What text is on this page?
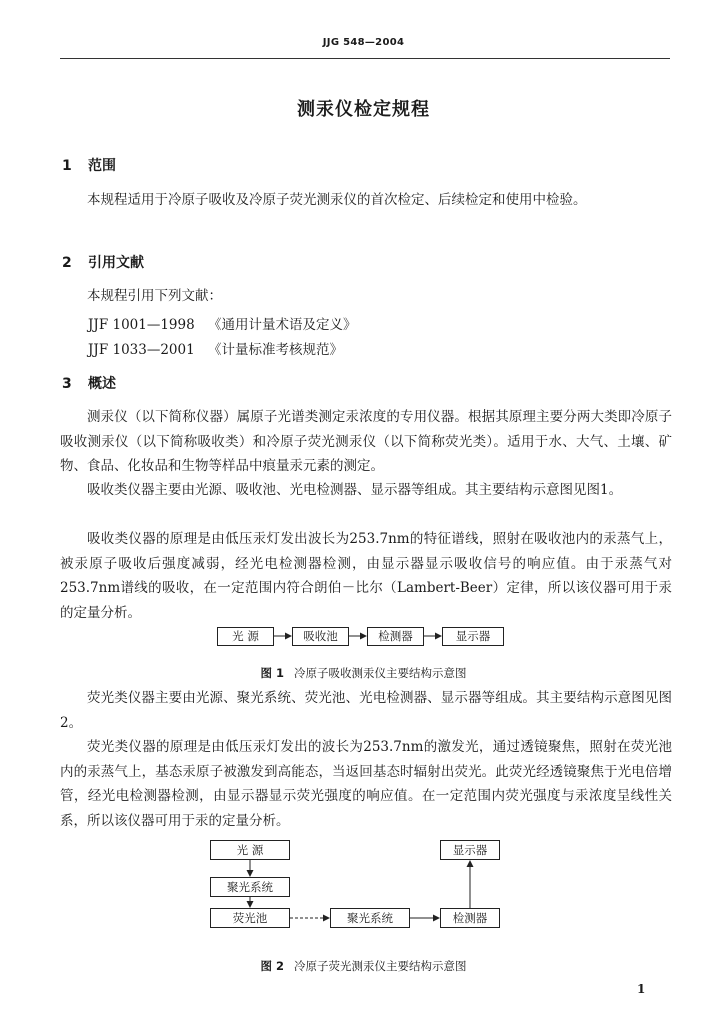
JJG 548—2004
测汞仪检定规程
1 范围
本规程适用于冷原子吸收及冷原子荧光测汞仪的首次检定、后续检定和使用中检验。
2 引用文献
本规程引用下列文献：
JJF 1001—1998 《通用计量术语及定义》
JJF 1033—2001 《计量标准考核规范》
3 概述
测汞仪（以下简称仪器）属原子光谱类测定汞浓度的专用仪器。根据其原理主要分两大类即冷原子吸收测汞仪（以下简称吸收类）和冷原子荧光测汞仪（以下简称荧光类）。适用于水、大气、土壤、矿物、食品、化妆品和生物等样品中痕量汞元素的测定。
吸收类仪器主要由光源、吸收池、光电检测器、显示器等组成。其主要结构示意图见图1。
吸收类仪器的原理是由低压汞灯发出波长为253.7nm的特征谱线，照射在吸收池内的汞蒸气上，被汞原子吸收后强度减弱，经光电检测器检测，由显示器显示吸收信号的响应值。由于汞蒸气对253.7nm谱线的吸收，在一定范围内符合朗伯－比尔（Lambert-Beer）定律，所以该仪器可用于汞的定量分析。
光 源	吸收池	检测器	显示器
图 1 冷原子吸收测汞仪主要结构示意图
荧光类仪器主要由光源、聚光系统、荧光池、光电检测器、显示器等组成。其主要结构示意图见图2。
荧光类仪器的原理是由低压汞灯发出的波长为253.7nm的激发光，通过透镜聚焦，照射在荧光池内的汞蒸气上，基态汞原子被激发到高能态，当返回基态时辐射出荧光。此荧光经透镜聚焦于光电倍增管，经光电检测器检测，由显示器显示荧光强度的响应值。在一定范围内荧光强度与汞浓度呈线性关系，所以该仪器可用于汞的定量分析。
光 源
聚光系统
荧光池	聚光系统	检测器
显示器
图 2 冷原子荧光测汞仪主要结构示意图
1
